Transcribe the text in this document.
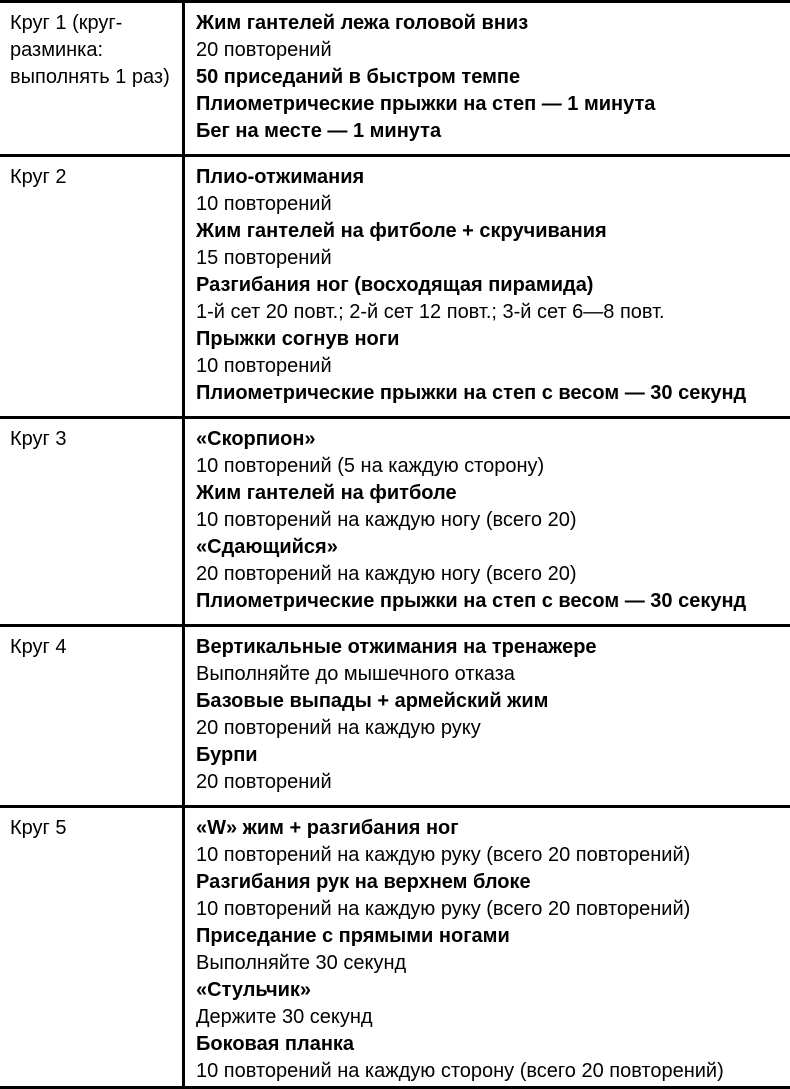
Круг 1 (круг-разминка: выполнять 1 раз)
Жим гантелей лежа головой вниз
20 повторений
50 приседаний в быстром темпе
Плиометрические прыжки на степ — 1 минута
Бег на месте — 1 минута
Круг 2	Плио-отжимания
10 повторений
Жим гантелей на фитболе + скручивания
15 повторений
Разгибания ног (восходящая пирамида)
1-й сет 20 повт.; 2-й сет 12 повт.; 3-й сет 6—8 повт.
Прыжки согнув ноги
10 повторений
Плиометрические прыжки на степ с весом — 30 секунд
Круг 3	«Скорпион»
10 повторений (5 на каждую сторону)
Жим гантелей на фитболе
10 повторений на каждую ногу (всего 20)
«Сдающийся»
20 повторений на каждую ногу (всего 20)
Плиометрические прыжки на степ с весом — 30 секунд
Круг 4	Вертикальные отжимания на тренажере
Выполняйте до мышечного отказа
Базовые выпады + армейский жим
20 повторений на каждую руку
Бурпи
20 повторений
Круг 5	«W» жим + разгибания ног
10 повторений на каждую руку (всего 20 повторений)
Разгибания рук на верхнем блоке
10 повторений на каждую руку (всего 20 повторений)
Приседание с прямыми ногами
Выполняйте 30 секунд
«Стульчик»
Держите 30 секунд
Боковая планка
10 повторений на каждую сторону (всего 20 повторений)
